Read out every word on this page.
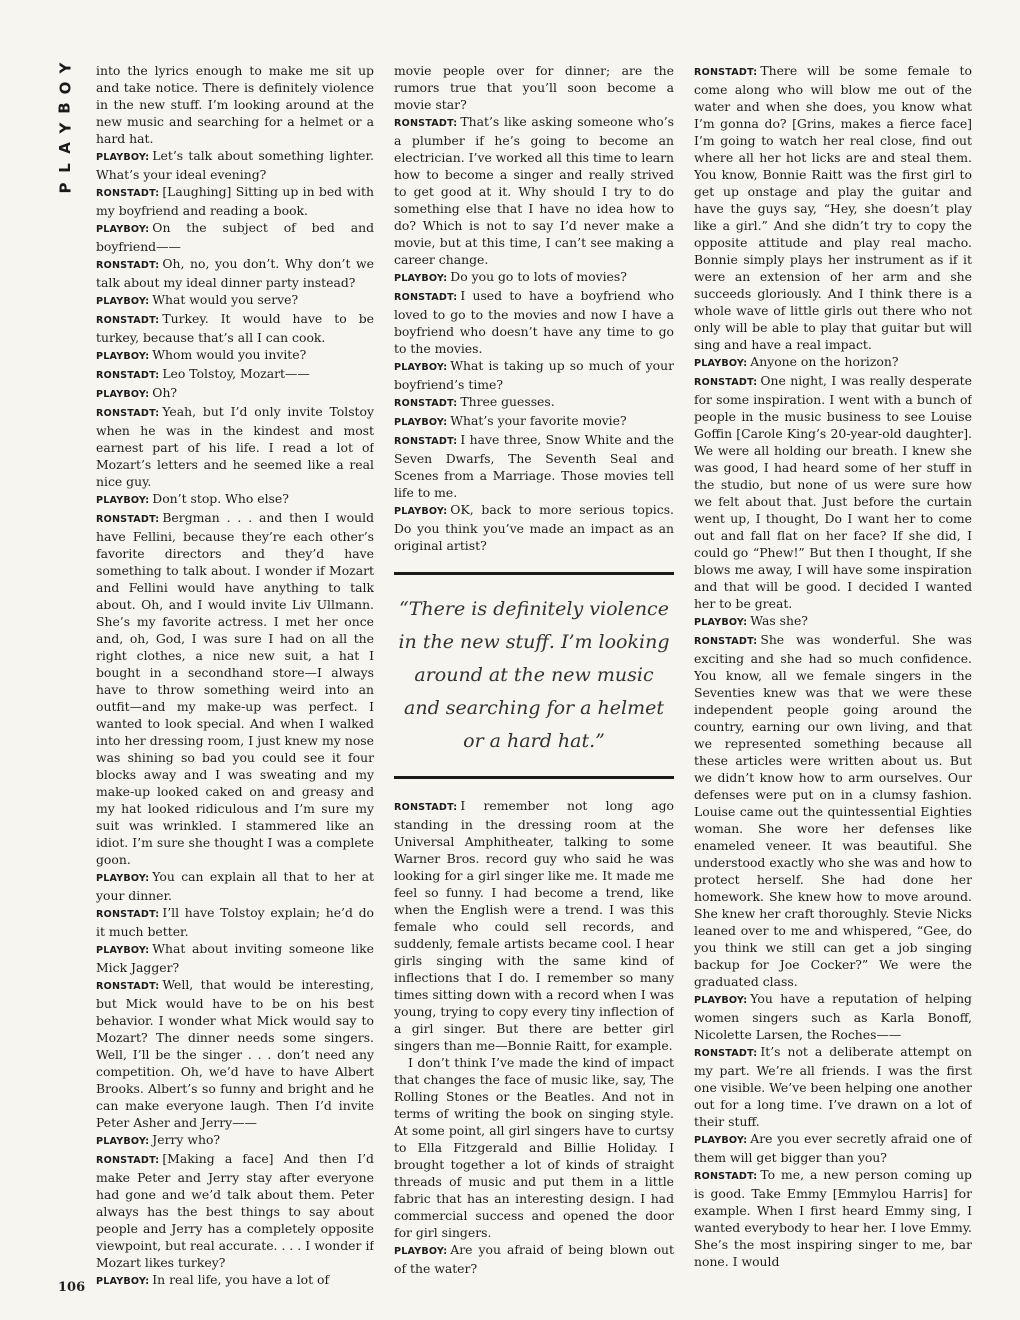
Y
O
B
Y
A
L
P

into the lyrics enough to make me sit up and take notice. There is definitely violence in the new stuff. I’m looking around at the new music and searching for a helmet or a hard hat.

PLAYBOY: Let’s talk about something lighter. What’s your ideal evening?

RONSTADT: [Laughing] Sitting up in bed with my boyfriend and reading a book.

PLAYBOY: On the subject of bed and boyfriend——

RONSTADT: Oh, no, you don’t. Why don’t we talk about my ideal dinner party instead?

PLAYBOY: What would you serve?

RONSTADT: Turkey. It would have to be turkey, because that’s all I can cook.

PLAYBOY: Whom would you invite?

RONSTADT: Leo Tolstoy, Mozart——

PLAYBOY: Oh?

RONSTADT: Yeah, but I’d only invite Tolstoy when he was in the kindest and most earnest part of his life. I read a lot of Mozart’s letters and he seemed like a real nice guy.

PLAYBOY: Don’t stop. Who else?

RONSTADT: Bergman . . . and then I would have Fellini, because they’re each other’s favorite directors and they’d have something to talk about. I wonder if Mozart and Fellini would have anything to talk about. Oh, and I would invite Liv Ullmann. She’s my favorite actress. I met her once and, oh, God, I was sure I had on all the right clothes, a nice new suit, a hat I bought in a secondhand store—I always have to throw something weird into an outfit—and my make-up was perfect. I wanted to look special. And when I walked into her dressing room, I just knew my nose was shining so bad you could see it four blocks away and I was sweating and my make-up looked caked on and greasy and my hat looked ridiculous and I’m sure my suit was wrinkled. I stammered like an idiot. I’m sure she thought I was a complete goon.

PLAYBOY: You can explain all that to her at your dinner.

RONSTADT: I’ll have Tolstoy explain; he’d do it much better.

PLAYBOY: What about inviting someone like Mick Jagger?

RONSTADT: Well, that would be interesting, but Mick would have to be on his best behavior. I wonder what Mick would say to Mozart? The dinner needs some singers. Well, I’ll be the singer . . . don’t need any competition. Oh, we’d have to have Albert Brooks. Albert’s so funny and bright and he can make everyone laugh. Then I’d invite Peter Asher and Jerry——

PLAYBOY: Jerry who?

RONSTADT: [Making a face] And then I’d make Peter and Jerry stay after everyone had gone and we’d talk about them. Peter always has the best things to say about people and Jerry has a completely opposite viewpoint, but real accurate. . . . I wonder if Mozart likes turkey?

PLAYBOY: In real life, you have a lot of

movie people over for dinner; are the rumors true that you’ll soon become a movie star?

RONSTADT: That’s like asking someone who’s a plumber if he’s going to become an electrician. I’ve worked all this time to learn how to become a singer and really strived to get good at it. Why should I try to do something else that I have no idea how to do? Which is not to say I’d never make a movie, but at this time, I can’t see making a career change.

PLAYBOY: Do you go to lots of movies?

RONSTADT: I used to have a boyfriend who loved to go to the movies and now I have a boyfriend who doesn’t have any time to go to the movies.

PLAYBOY: What is taking up so much of your boyfriend’s time?

RONSTADT: Three guesses.

PLAYBOY: What’s your favorite movie?

RONSTADT: I have three, Snow White and the Seven Dwarfs, The Seventh Seal and Scenes from a Marriage. Those movies tell life to me.

PLAYBOY: OK, back to more serious topics. Do you think you’ve made an impact as an original artist?

“There is definitely violence in the new stuff. I’m looking around at the new music and searching for a helmet or a hard hat.”

RONSTADT: I remember not long ago standing in the dressing room at the Universal Amphitheater, talking to some Warner Bros. record guy who said he was looking for a girl singer like me. It made me feel so funny. I had become a trend, like when the English were a trend. I was this female who could sell records, and suddenly, female artists became cool. I hear girls singing with the same kind of inflections that I do. I remember so many times sitting down with a record when I was young, trying to copy every tiny inflection of a girl singer. But there are better girl singers than me—Bonnie Raitt, for example.

I don’t think I’ve made the kind of impact that changes the face of music like, say, The Rolling Stones or the Beatles. And not in terms of writing the book on singing style. At some point, all girl singers have to curtsy to Ella Fitzgerald and Billie Holiday. I brought together a lot of kinds of straight threads of music and put them in a little fabric that has an interesting design. I had commercial success and opened the door for girl singers.

PLAYBOY: Are you afraid of being blown out of the water?

RONSTADT: There will be some female to come along who will blow me out of the water and when she does, you know what I’m gonna do? [Grins, makes a fierce face] I’m going to watch her real close, find out where all her hot licks are and steal them. You know, Bonnie Raitt was the first girl to get up onstage and play the guitar and have the guys say, “Hey, she doesn’t play like a girl.” And she didn’t try to copy the opposite attitude and play real macho. Bonnie simply plays her instrument as if it were an extension of her arm and she succeeds gloriously. And I think there is a whole wave of little girls out there who not only will be able to play that guitar but will sing and have a real impact.

PLAYBOY: Anyone on the horizon?

RONSTADT: One night, I was really desperate for some inspiration. I went with a bunch of people in the music business to see Louise Goffin [Carole King’s 20-year-old daughter]. We were all holding our breath. I knew she was good, I had heard some of her stuff in the studio, but none of us were sure how we felt about that. Just before the curtain went up, I thought, Do I want her to come out and fall flat on her face? If she did, I could go “Phew!” But then I thought, If she blows me away, I will have some inspiration and that will be good. I decided I wanted her to be great.

PLAYBOY: Was she?

RONSTADT: She was wonderful. She was exciting and she had so much confidence. You know, all we female singers in the Seventies knew was that we were these independent people going around the country, earning our own living, and that we represented something because all these articles were written about us. But we didn’t know how to arm ourselves. Our defenses were put on in a clumsy fashion. Louise came out the quintessential Eighties woman. She wore her defenses like enameled veneer. It was beautiful. She understood exactly who she was and how to protect herself. She had done her homework. She knew how to move around. She knew her craft thoroughly. Stevie Nicks leaned over to me and whispered, “Gee, do you think we still can get a job singing backup for Joe Cocker?” We were the graduated class.

PLAYBOY: You have a reputation of helping women singers such as Karla Bonoff, Nicolette Larsen, the Roches——

RONSTADT: It’s not a deliberate attempt on my part. We’re all friends. I was the first one visible. We’ve been helping one another out for a long time. I’ve drawn on a lot of their stuff.

PLAYBOY: Are you ever secretly afraid one of them will get bigger than you?

RONSTADT: To me, a new person coming up is good. Take Emmy [Emmylou Harris] for example. When I first heard Emmy sing, I wanted everybody to hear her. I love Emmy. She’s the most inspiring singer to me, bar none. I would

106
